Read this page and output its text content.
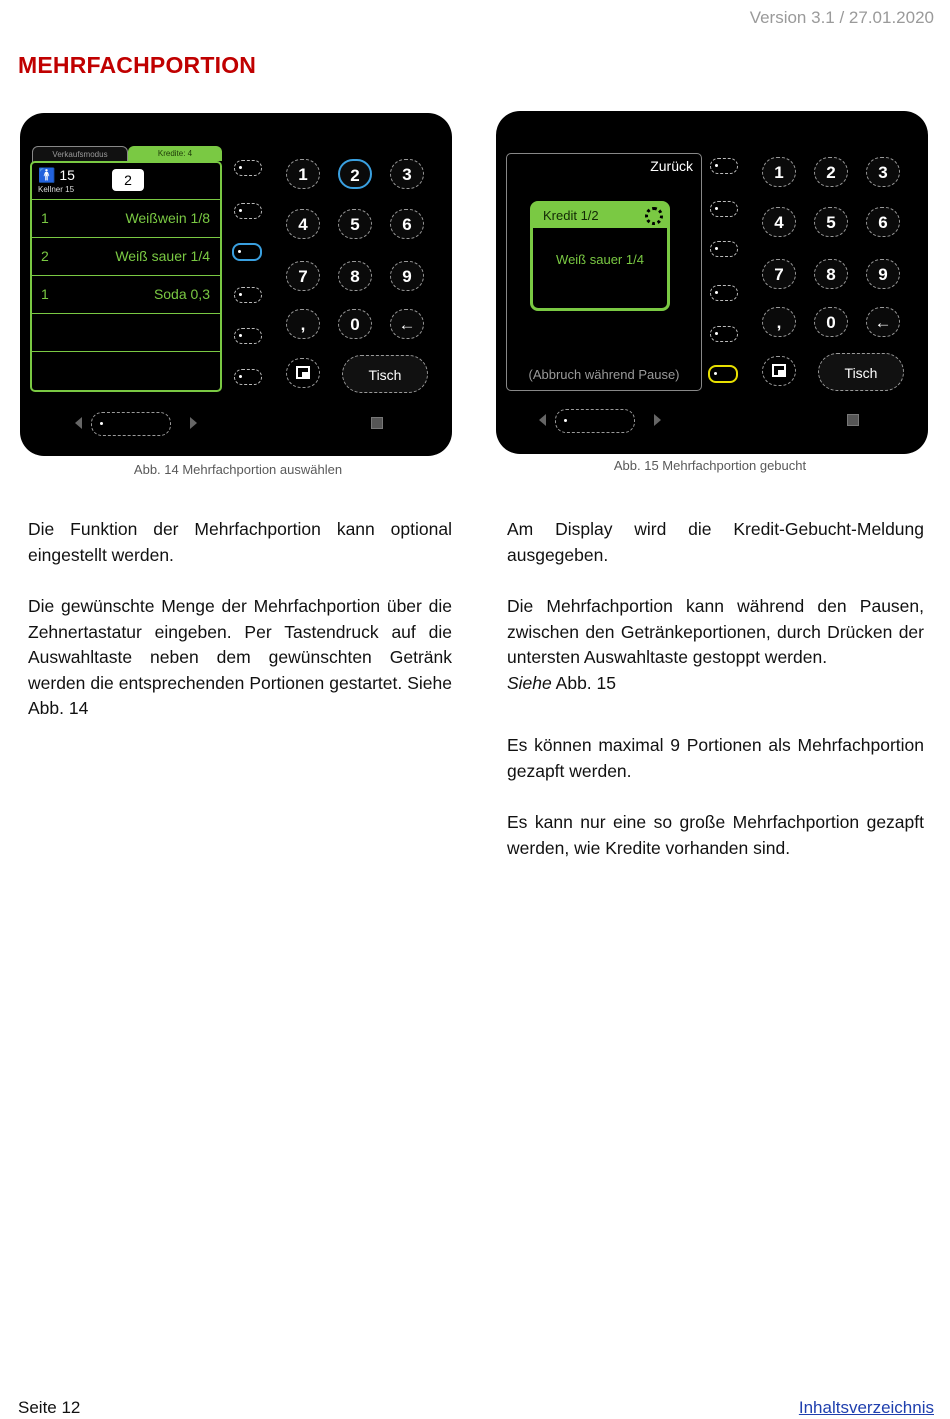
Version 3.1 / 27.01.2020
MEHRFACHPORTION
Verkaufsmodus	Kredite: 4
🚹 15
Kellner 15
2
1	Weißwein 1/8
2	Weiß sauer 1/4
1	Soda 0,3
1	2	3
4	5	6
7	8	9
,	0	←
Tisch
Abb. 14 Mehrfachportion auswählen
Zurück
Kredit 1/2
Weiß sauer 1/4
(Abbruch während Pause)
1	2	3
4	5	6
7	8	9
,	0	←
Tisch
Abb. 15 Mehrfachportion gebucht

Die Funktion der Mehrfachportion kann optional eingestellt werden.

Die gewünschte Menge der Mehrfachportion über die Zehnertastatur eingeben. Per Tastendruck auf die Auswahltaste neben dem gewünschten Getränk werden die entsprechenden Portionen gestartet. Siehe Abb. 14

Am Display wird die Kredit-Gebucht-Meldung ausgegeben.

Die Mehrfachportion kann während den Pausen, zwischen den Getränkeportionen, durch Drücken der untersten Auswahltaste gestoppt werden.
Siehe Abb. 15

Es können maximal 9 Portionen als Mehrfachportion gezapft werden.

Es kann nur eine so große Mehrfachportion gezapft werden, wie Kredite vorhanden sind.

Seite 12	Inhaltsverzeichnis
